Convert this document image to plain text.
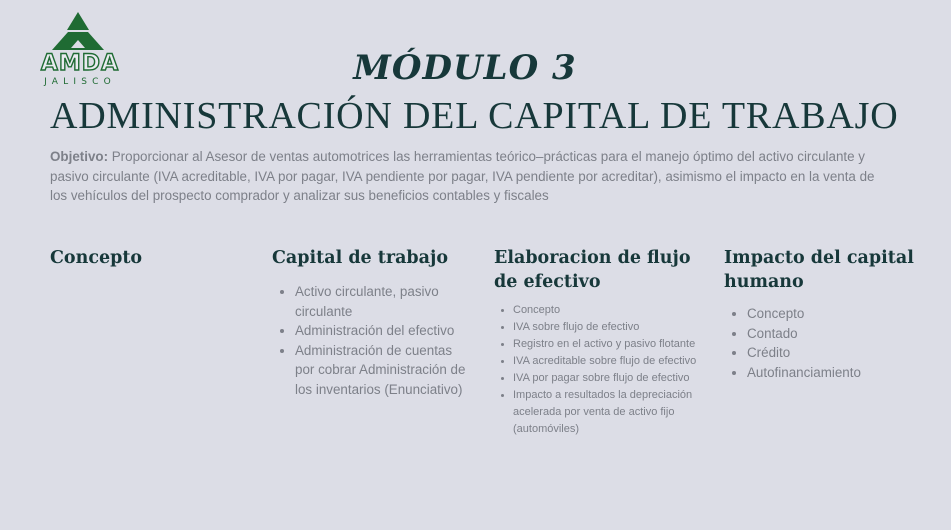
AMDA
JALISCO	MÓDULO 3
ADMINISTRACIÓN DEL CAPITAL DE TRABAJO

Objetivo: Proporcionar al Asesor de ventas automotrices las herramientas teórico–prácticas para el manejo óptimo del activo circulante y pasivo circulante (IVA acreditable, IVA por pagar, IVA pendiente por pagar, IVA pendiente por acreditar), asimismo el impacto en la venta de los vehículos del prospecto comprador y analizar sus beneficios contables y fiscales

Concepto	Capital de trabajo
• Activo circulante, pasivo circulante
• Administración del efectivo
• Administración de cuentas por cobrar Administración de los inventarios (Enunciativo)
Elaboracion de flujo de efectivo
• Concepto
• IVA sobre flujo de efectivo
• Registro en el activo y pasivo flotante
• IVA acreditable sobre flujo de efectivo
• IVA por pagar sobre flujo de efectivo
• Impacto a resultados la depreciación acelerada por venta de activo fijo (automóviles)
Impacto del capital humano
• Concepto
• Contado
• Crédito
• Autofinanciamiento
